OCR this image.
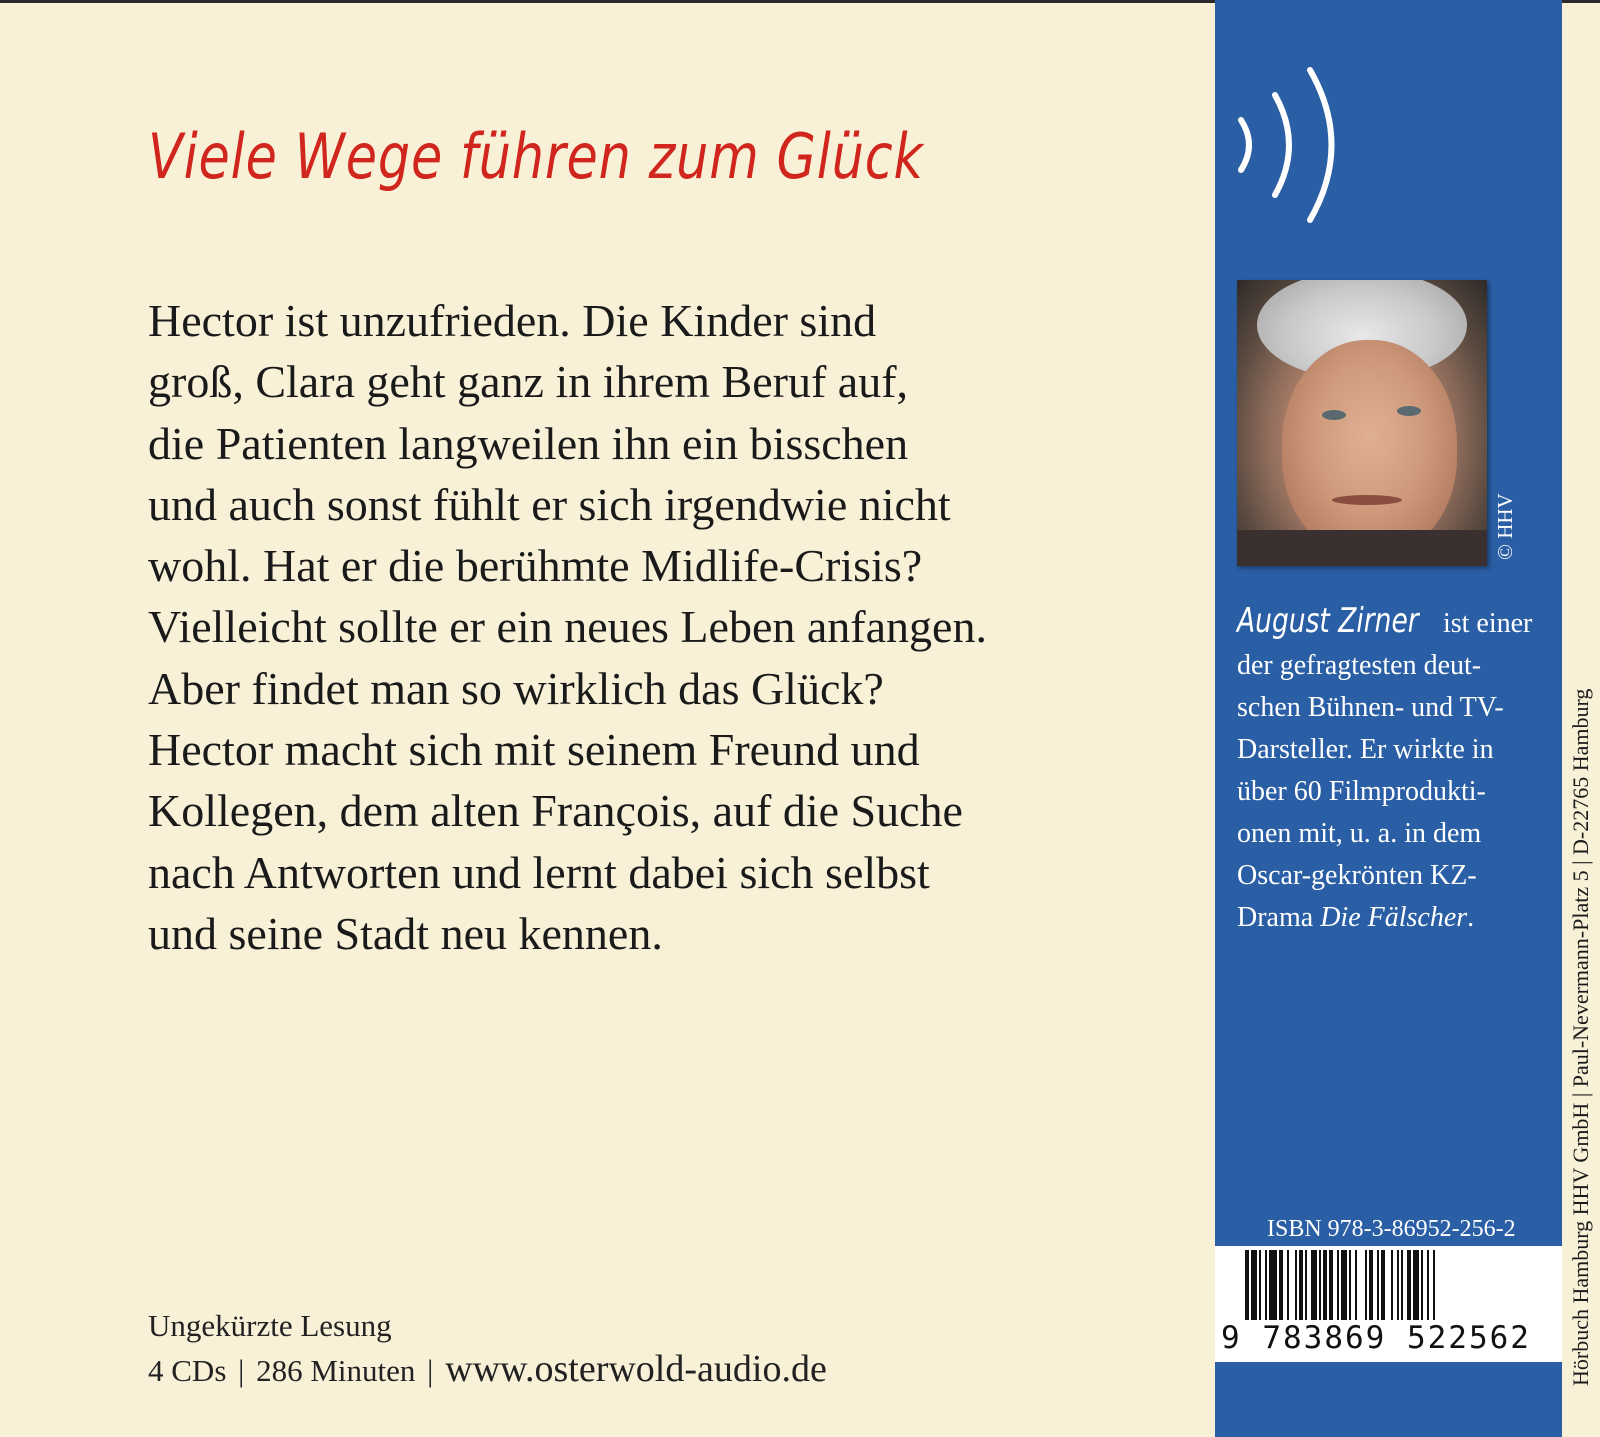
Viele Wege führen zum Glück
Hector ist unzufrieden. Die Kinder sind
groß, Clara geht ganz in ihrem Beruf auf,
die Patienten langweilen ihn ein bisschen
und auch sonst fühlt er sich irgendwie nicht
wohl. Hat er die berühmte Midlife-Crisis?
Vielleicht sollte er ein neues Leben anfangen.
Aber findet man so wirklich das Glück?
Hector macht sich mit seinem Freund und
Kollegen, dem alten François, auf die Suche
nach Antworten und lernt dabei sich selbst
und seine Stadt neu kennen.
Ungekürzte Lesung
4 CDs | 286 Minuten | www.osterwold-audio.de
© HHV
August Zirner ist einer
der gefragtesten deut-
schen Bühnen- und TV-
Darsteller. Er wirkte in
über 60 Filmprodukti-
onen mit, u. a. in dem
Oscar-gekrönten KZ-
Drama Die Fälscher.
ISBN 978-3-86952-256-2
9 783869 522562 Hörbuch Hamburg HHV GmbH | Paul-Nevermann-Platz 5 | D-22765 Hamburg
